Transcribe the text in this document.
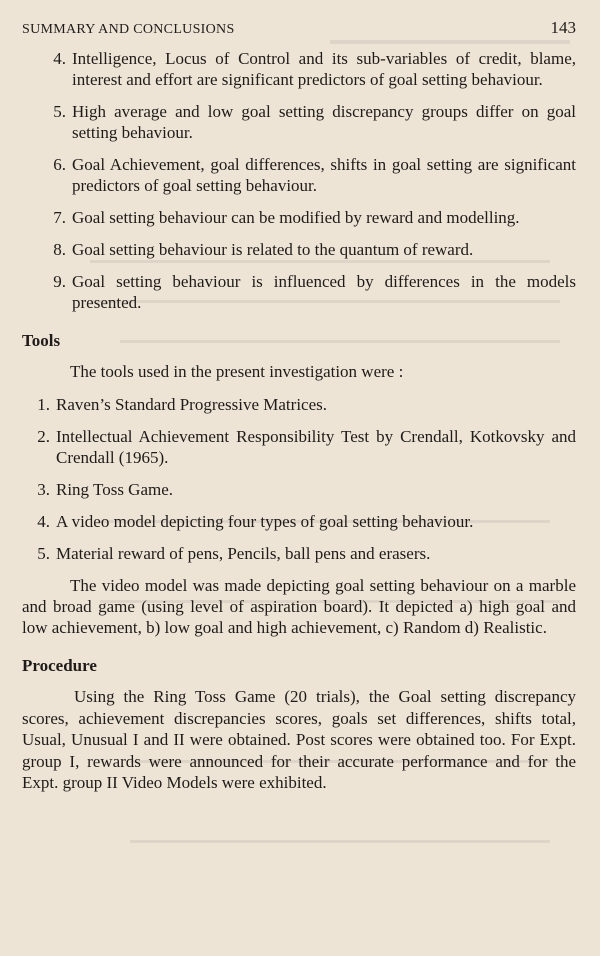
SUMMARY AND CONCLUSIONS	143
4. Intelligence, Locus of Control and its sub-variables of credit, blame, interest and effort are significant predictors of goal setting behaviour.
5. High average and low goal setting discrepancy groups differ on goal setting behaviour.
6. Goal Achievement, goal differences, shifts in goal setting are significant predictors of goal setting behaviour.
7. Goal setting behaviour can be modified by reward and modelling.
8. Goal setting behaviour is related to the quantum of reward.
9. Goal setting behaviour is influenced by differences in the models presented.
Tools

The tools used in the present investigation were :

1. Raven’s Standard Progressive Matrices.
2. Intellectual Achievement Responsibility Test by Crendall, Kotkovsky and Crendall (1965).
3. Ring Toss Game.
4. A video model depicting four types of goal setting behaviour.
5. Material reward of pens, Pencils, ball pens and erasers.

The video model was made depicting goal setting behaviour on a marble and broad game (using level of aspiration board). It depicted a) high goal and low achievement, b) low goal and high achievement, c) Random d) Realistic.

Procedure

Using the Ring Toss Game (20 trials), the Goal setting discrepancy scores, achievement discrepancies scores, goals set differences, shifts total, Usual, Unusual I and II were obtained. Post scores were obtained too. For Expt. group I, rewards were announced for their accurate performance and for the Expt. group II Video Models were exhibited.
